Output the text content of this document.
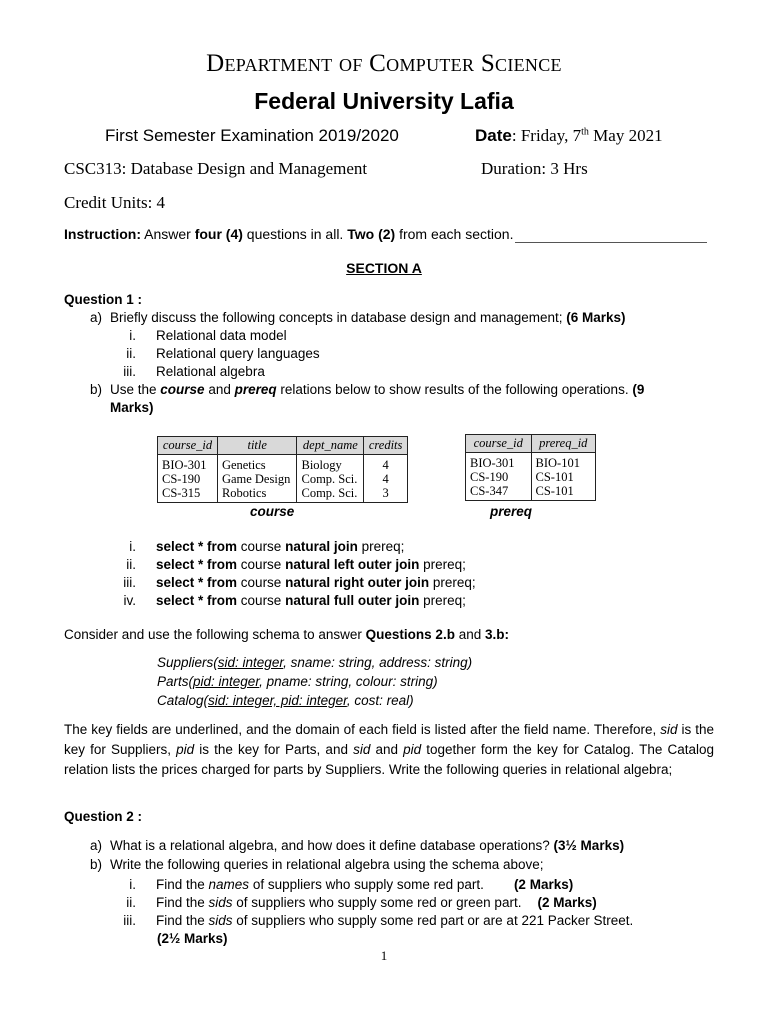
Department of Computer Science
Federal University Lafia
First Semester Examination 2019/2020	Date: Friday, 7th May 2021
CSC313: Database Design and Management	Duration: 3 Hrs
Credit Units: 4
Instruction: Answer four (4) questions in all. Two (2) from each section.
SECTION A
Question 1 :
a) Briefly discuss the following concepts in database design and management; (6 Marks)
i. Relational data model
ii. Relational query languages
iii. Relational algebra
b) Use the course and prereq relations below to show results of the following operations. (9
Marks)
course_id	title	dept_name	credits
BIO-301	Genetics	Biology	4
CS-190	Game Design	Comp. Sci.	4
CS-315	Robotics	Comp. Sci.	3
course
course_id	prereq_id
BIO-301	BIO-101
CS-190	CS-101
CS-347	CS-101
prereq
i. select * from course natural join prereq;
ii. select * from course natural left outer join prereq;
iii. select * from course natural right outer join prereq;
iv. select * from course natural full outer join prereq;
Consider and use the following schema to answer Questions 2.b and 3.b:
Suppliers(sid: integer, sname: string, address: string)
Parts(pid: integer, pname: string, colour: string)
Catalog(sid: integer, pid: integer, cost: real)
The key fields are underlined, and the domain of each field is listed after the field name. Therefore, sid is the key for Suppliers, pid is the key for Parts, and sid and pid together form the key for Catalog. The Catalog relation lists the prices charged for parts by Suppliers. Write the following queries in relational algebra;
Question 2 :
a) What is a relational algebra, and how does it define database operations? (3½ Marks)
b) Write the following queries in relational algebra using the schema above;
i. Find the names of suppliers who supply some red part. (2 Marks)
ii. Find the sids of suppliers who supply some red or green part. (2 Marks)
iii. Find the sids of suppliers who supply some red part or are at 221 Packer Street.
(2½ Marks)
1
